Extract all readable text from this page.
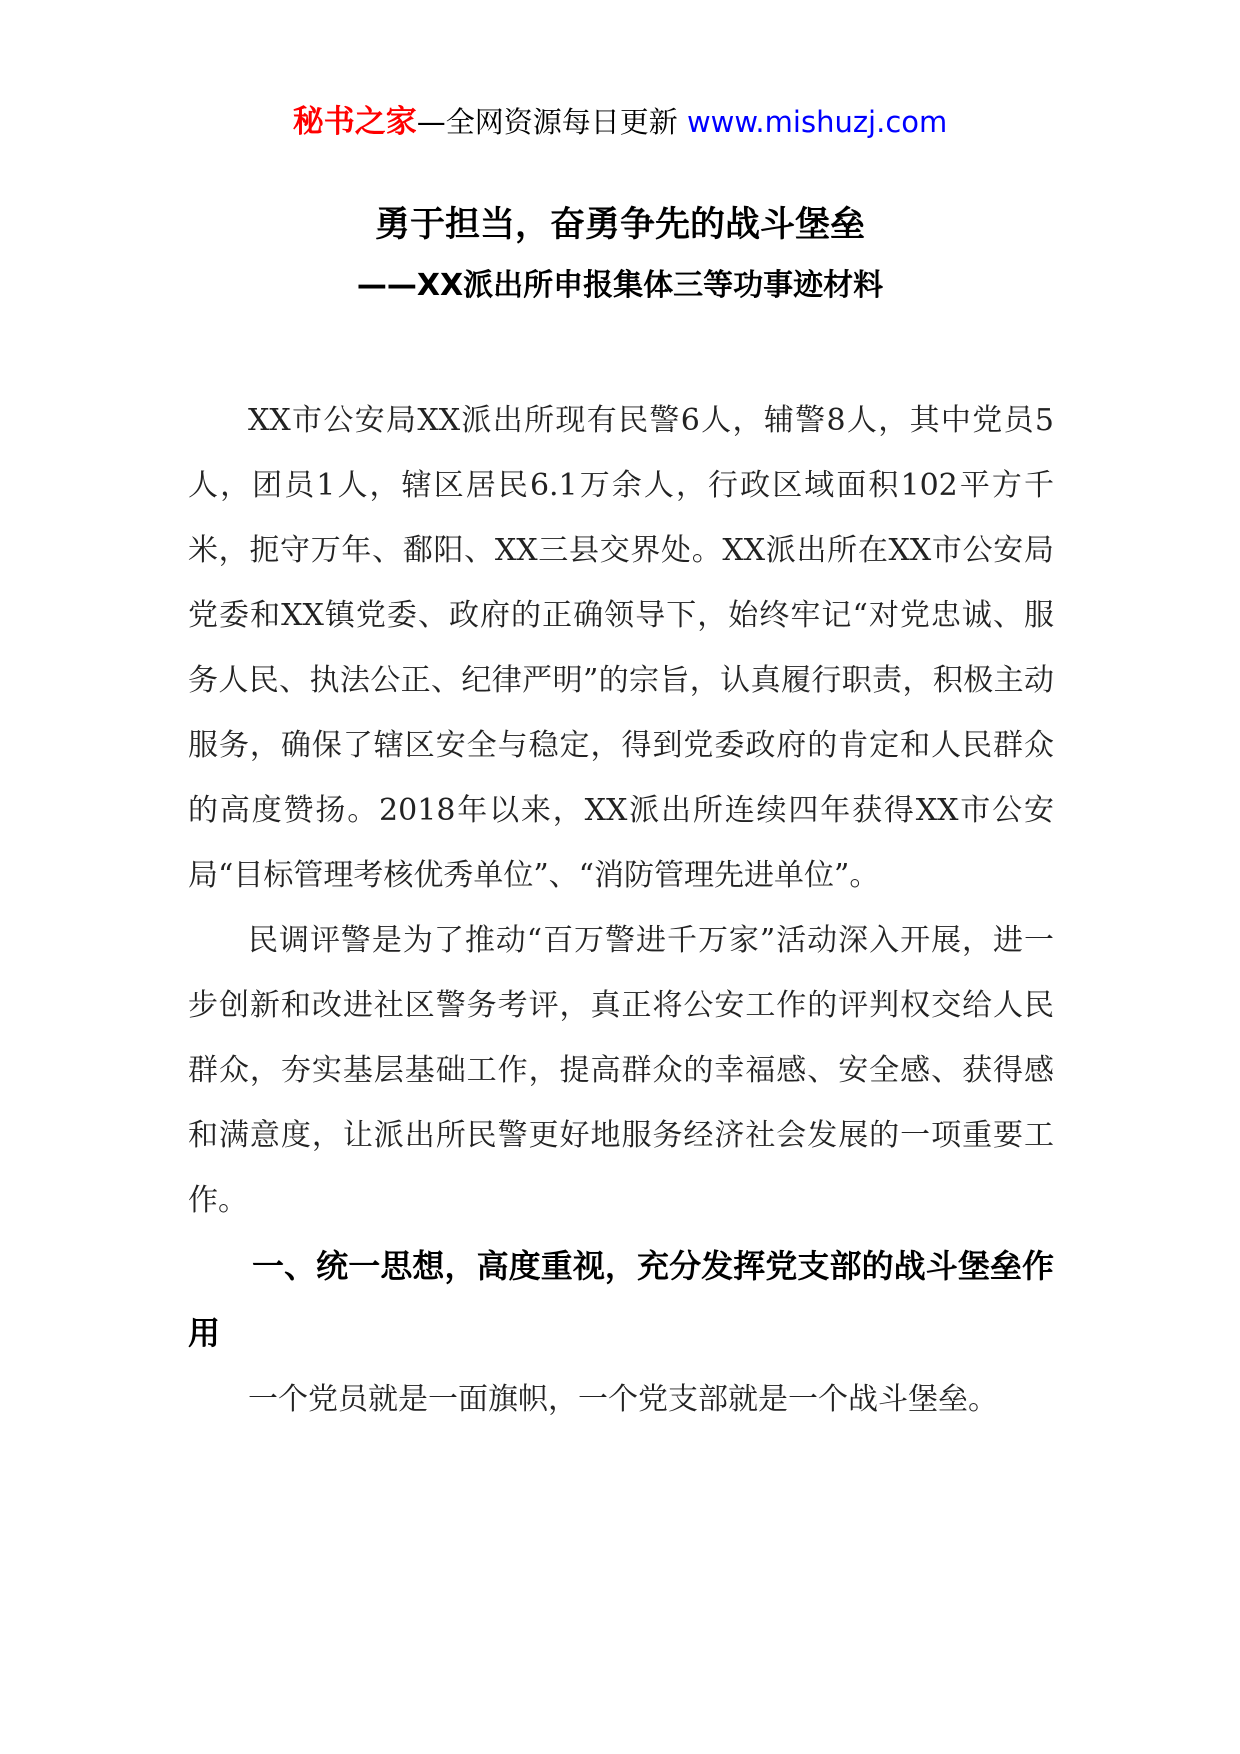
秘书之家—全网资源每日更新 www.mishuzj.com
勇于担当，奋勇争先的战斗堡垒
——XX派出所申报集体三等功事迹材料

XX市公安局XX派出所现有民警6人，辅警8人，其中党员5人，团员1人，辖区居民6.1万余人，行政区域面积102平方千米，扼守万年、鄱阳、XX三县交界处。XX派出所在XX市公安局党委和XX镇党委、政府的正确领导下，始终牢记“对党忠诚、服务人民、执法公正、纪律严明”的宗旨，认真履行职责，积极主动服务，确保了辖区安全与稳定，得到党委政府的肯定和人民群众的高度赞扬。2018年以来，XX派出所连续四年获得XX市公安局“目标管理考核优秀单位”、“消防管理先进单位”。

民调评警是为了推动“百万警进千万家”活动深入开展，进一步创新和改进社区警务考评，真正将公安工作的评判权交给人民群众，夯实基层基础工作，提高群众的幸福感、安全感、获得感和满意度，让派出所民警更好地服务经济社会发展的一项重要工作。

一、统一思想，高度重视，充分发挥党支部的战斗堡垒作用

一个党员就是一面旗帜，一个党支部就是一个战斗堡垒。
